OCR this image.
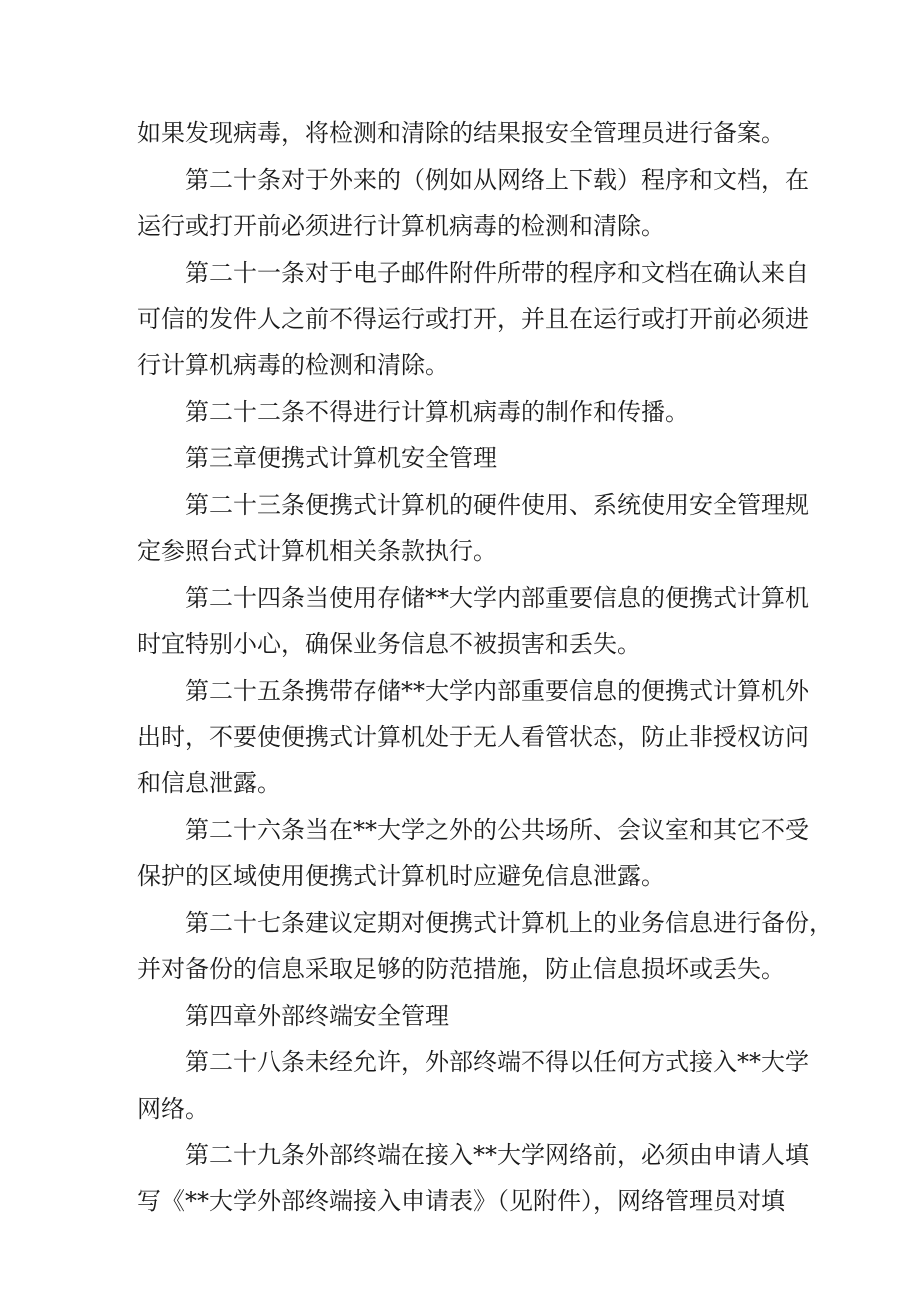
如果发现病毒，将检测和清除的结果报安全管理员进行备案。
第二十条对于外来的（例如从网络上下载）程序和文档，在
运行或打开前必须进行计算机病毒的检测和清除。
第二十一条对于电子邮件附件所带的程序和文档在确认来自
可信的发件人之前不得运行或打开，并且在运行或打开前必须进
行计算机病毒的检测和清除。
第二十二条不得进行计算机病毒的制作和传播。
第三章便携式计算机安全管理
第二十三条便携式计算机的硬件使用、系统使用安全管理规
定参照台式计算机相关条款执行。
第二十四条当使用存储**大学内部重要信息的便携式计算机
时宜特别小心，确保业务信息不被损害和丢失。
第二十五条携带存储**大学内部重要信息的便携式计算机外
出时，不要使便携式计算机处于无人看管状态，防止非授权访问
和信息泄露。
第二十六条当在**大学之外的公共场所、会议室和其它不受
保护的区域使用便携式计算机时应避免信息泄露。
第二十七条建议定期对便携式计算机上的业务信息进行备份，
并对备份的信息采取足够的防范措施，防止信息损坏或丢失。
第四章外部终端安全管理
第二十八条未经允许，外部终端不得以任何方式接入**大学
网络。
第二十九条外部终端在接入**大学网络前，必须由申请人填
写《**大学外部终端接入申请表》（见附件），网络管理员对填
